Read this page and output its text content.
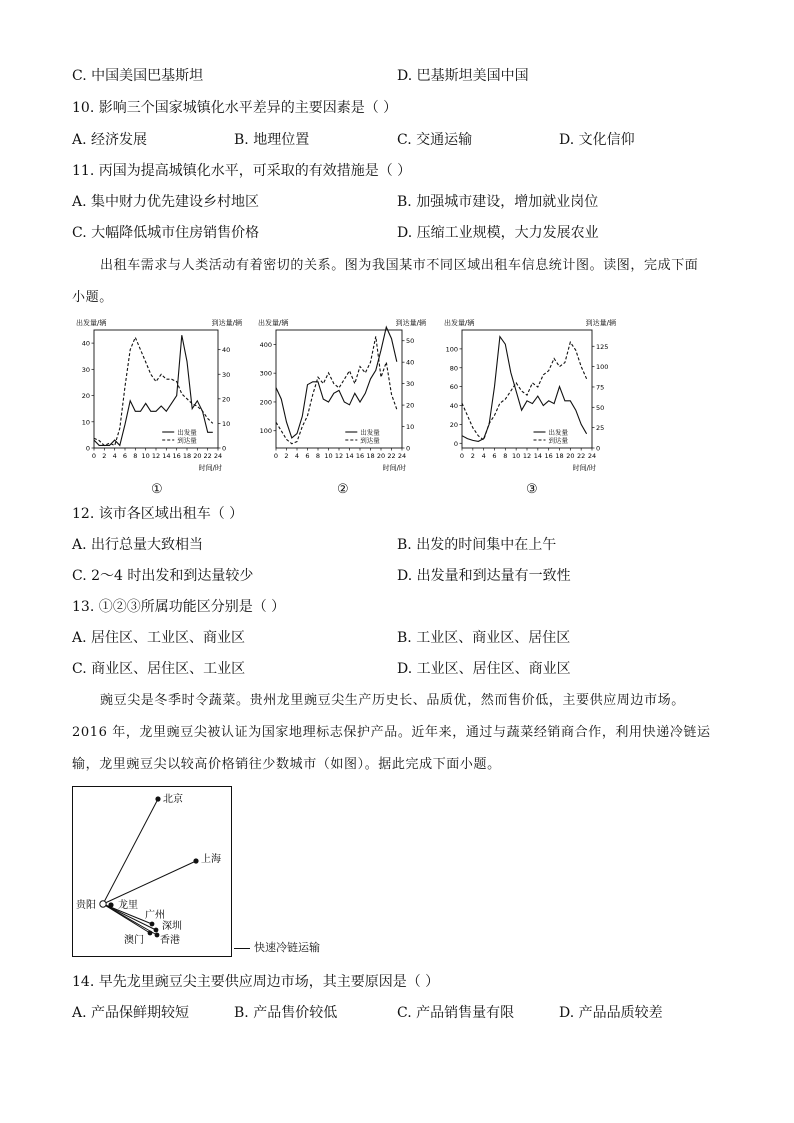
C. 中国美国巴基斯坦	D. 巴基斯坦美国中国
10. 影响三个国家城镇化水平差异的主要因素是（ ）
A. 经济发展	B. 地理位置	C. 交通运输	D. 文化信仰
11. 丙国为提高城镇化水平，可采取的有效措施是（ ）
A. 集中财力优先建设乡村地区	B. 加强城市建设，增加就业岗位
C. 大幅降低城市住房销售价格	D. 压缩工业规模，大力发展农业
出租车需求与人类活动有着密切的关系。图为我国某市不同区域出租车信息统计图。读图，完成下面
小题。
出发量/辆	到达量/辆
时间/时
0 2 4 6 8 10 12 14 16 18 20 22 24
0
10
20
30
40
0
10
20
30
40
出发量
到达量
出发量/辆	到达量/辆
时间/时
0 2 4 6 8 10 12 14 16 18 20 22 24
100
200
300
400
0
10
20
30
40
50
出发量
到达量
出发量/辆	到达量/辆
时间/时
0 2 4 6 8 10 12 14 16 18 20 22 24
0
20
40
60
80
100
0
25
50
75
100
125
出发量
到达量
①	②	③
12. 该市各区域出租车（ ）
A. 出行总量大致相当	B. 出发的时间集中在上午
C. 2～4 时出发和到达量较少	D. 出发量和到达量有一致性
13. ①②③所属功能区分别是（ ）
A. 居住区、工业区、商业区	B. 工业区、商业区、居住区
C. 商业区、居住区、工业区	D. 工业区、居住区、商业区
豌豆尖是冬季时令蔬菜。贵州龙里豌豆尖生产历史长、品质优，然而售价低，主要供应周边市场。
2016 年，龙里豌豆尖被认证为国家地理标志保护产品。近年来，通过与蔬菜经销商合作，利用快递冷链运
输，龙里豌豆尖以较高价格销往少数城市（如图）。据此完成下面小题。
北京
上海
贵阳 龙里
广州
深圳
澳门 香港
快速冷链运输
14. 早先龙里豌豆尖主要供应周边市场，其主要原因是（ ）
A. 产品保鲜期较短	B. 产品售价较低	C. 产品销售量有限	D. 产品品质较差
